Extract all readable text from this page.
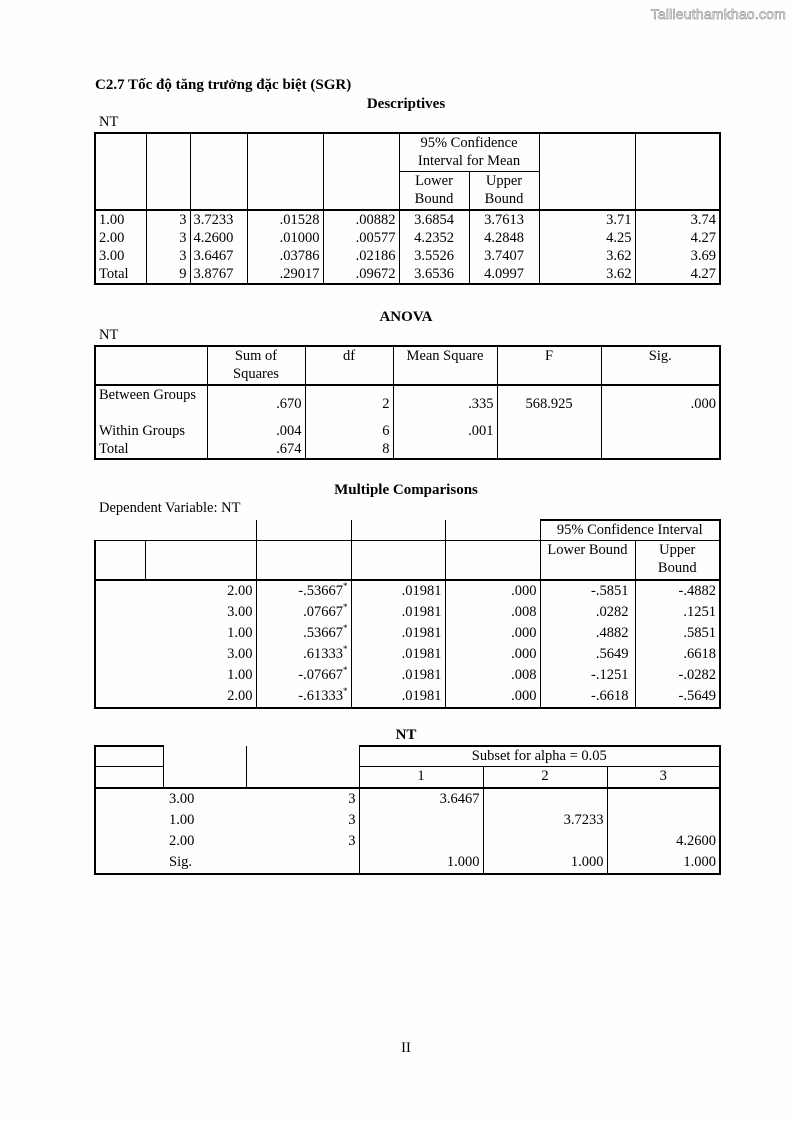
Tailieuthamkhao.com
C2.7 Tốc độ tăng trưởng đặc biệt (SGR)
Descriptives
NT
					95% Confidence Interval for Mean			
					Lower Bound	Upper Bound		
1.00	3	3.7233	.01528	.00882	3.6854	3.7613	3.71	3.74
2.00	3	4.2600	.01000	.00577	4.2352	4.2848	4.25	4.27
3.00	3	3.6467	.03786	.02186	3.5526	3.7407	3.62	3.69
Total	9	3.8767	.29017	.09672	3.6536	4.0997	3.62	4.27
ANOVA
NT
	Sum of Squares	df	Mean Square	F	Sig.
Between Groups	.670	2	.335	568.925	.000
Within Groups	.004	6	.001		
Total	.674	8			
Multiple Comparisons
Dependent Variable: NT
					95% Confidence Interval	
					Lower Bound	Upper Bound
	2.00	-.53667*	.01981	.000	-.5851	-.4882
	3.00	.07667*	.01981	.008	.0282	.1251
	1.00	.53667*	.01981	.000	.4882	.5851
	3.00	.61333*	.01981	.000	.5649	.6618
	1.00	-.07667*	.01981	.008	-.1251	-.0282
	2.00	-.61333*	.01981	.000	-.6618	-.5649
NT
			Subset for alpha = 0.05		
			1	2	3
	3.00	3	3.6467		
	1.00	3		3.7233	
	2.00	3			4.2600
	Sig.		1.000	1.000	1.000
II
